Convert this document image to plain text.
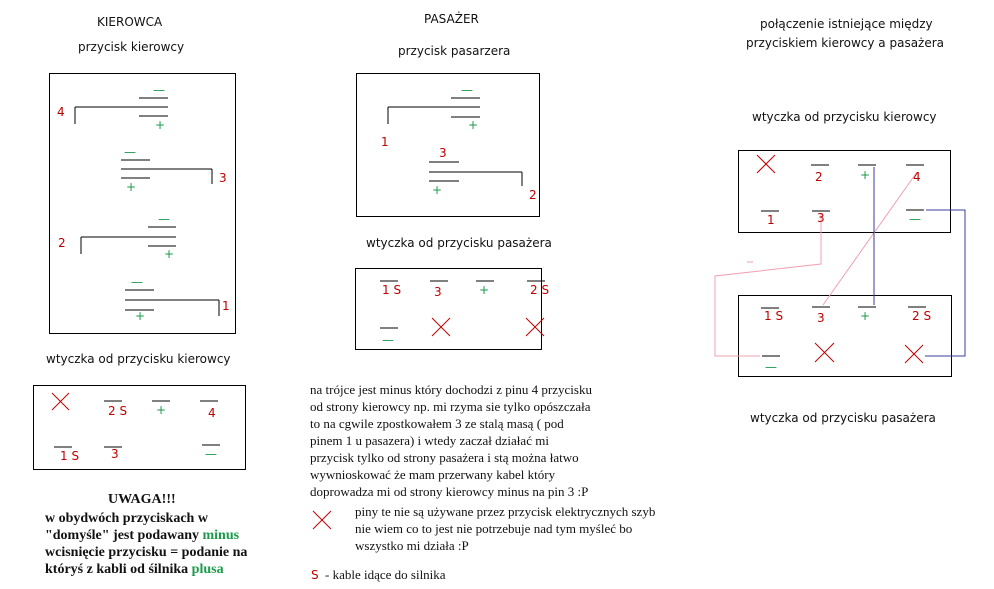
KIEROWCA	PASAŻER	połączenie istniejące między
przyciskiem kierowcy a pasażera
przycisk kierowcy	przycisk pasarzera
wtyczka od przycisku kierowcy
4
—
+
—
+
3
—
+
2
—
+
1
—
+
1
3
+	2
wtyczka od przycisku pasażera
1 S	3	+	2 S
—
wtyczka od przycisku kierowcy
2 S +	4
1 S	3	—
2	+	4
1	3	—
1 S	3	+	2 S
—
wtyczka od przycisku pasażera
na trójce jest minus który dochodzi z pinu 4 przycisku
od strony kierowcy np. mi rzyma sie tylko opószczała
to na cgwile zpostkowałem 3 ze stalą masą ( pod
pinem 1 u pasazera) i wtedy zaczał działać mi
przycisk tylko od strony pasażera i stą można łatwo
wywnioskować że mam przerwany kabel który
doprowadza mi od strony kierowcy minus na pin 3 :P
piny te nie są używane przez przycisk elektrycznych szyb
nie wiem co to jest nie potrzebuje nad tym myśleć bo
wszystko mi działa :P
S - kable idące do silnika
UWAGA!!!
w obydwóch przyciskach w
"domyśle" jest podawany minus
wcisnięcie przycisku = podanie na
któryś z kabli od śilnika plusa
